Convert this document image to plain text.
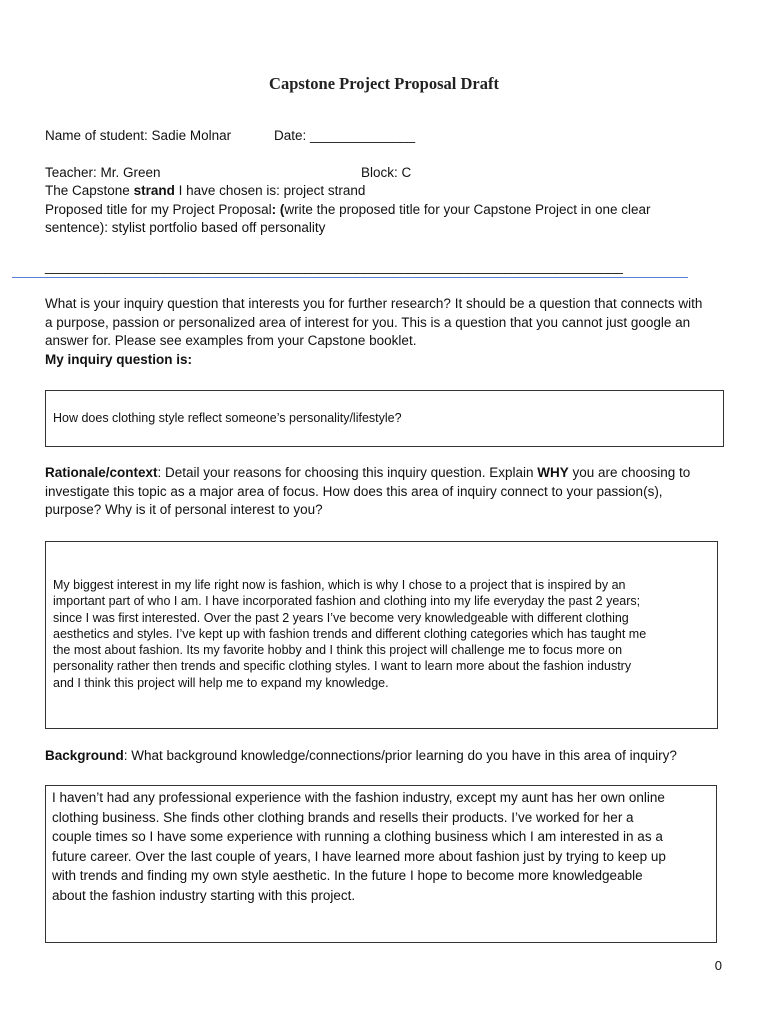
Capstone Project Proposal Draft
Name of student: Sadie Molnar	Date: ______________
Teacher: Mr. Green	Block: C
The Capstone strand I have chosen is: project strand
Proposed title for my Project Proposal: (write the proposed title for your Capstone Project in one clear
sentence): stylist portfolio based off personality
______________________________________________________________________________
What is your inquiry question that interests you for further research? It should be a question that connects with
a purpose, passion or personalized area of interest for you. This is a question that you cannot just google an
answer for. Please see examples from your Capstone booklet.
My inquiry question is:
How does clothing style reflect someone’s personality/lifestyle?
Rationale/context: Detail your reasons for choosing this inquiry question. Explain WHY you are choosing to
investigate this topic as a major area of focus. How does this area of inquiry connect to your passion(s),
purpose? Why is it of personal interest to you?
My biggest interest in my life right now is fashion, which is why I chose to a project that is inspired by an
important part of who I am. I have incorporated fashion and clothing into my life everyday the past 2 years;
since I was first interested. Over the past 2 years I’ve become very knowledgeable with different clothing
aesthetics and styles. I’ve kept up with fashion trends and different clothing categories which has taught me
the most about fashion. Its my favorite hobby and I think this project will challenge me to focus more on
personality rather then trends and specific clothing styles. I want to learn more about the fashion industry
and I think this project will help me to expand my knowledge.
Background: What background knowledge/connections/prior learning do you have in this area of inquiry?
I haven’t had any professional experience with the fashion industry, except my aunt has her own online
clothing business. She finds other clothing brands and resells their products. I’ve worked for her a
couple times so I have some experience with running a clothing business which I am interested in as a
future career. Over the last couple of years, I have learned more about fashion just by trying to keep up
with trends and finding my own style aesthetic. In the future I hope to become more knowledgeable
about the fashion industry starting with this project.
0
